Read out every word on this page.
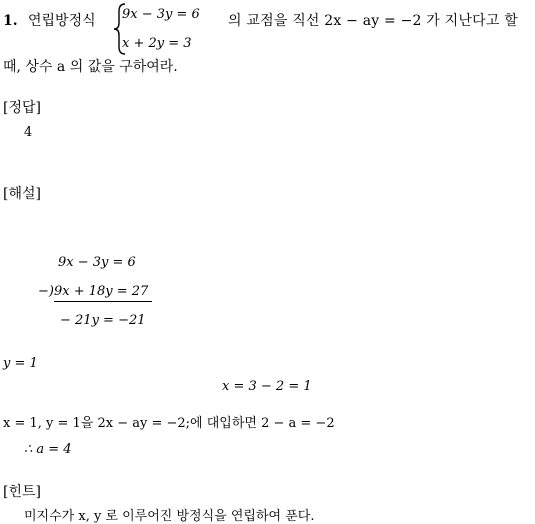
1. 연립방정식 9x − 3y = 6
x + 2y = 3
의 교점을 직선 2x − ay = −2 가 지난다고 할
때, 상수 a 의 값을 구하여라.
[정답]
4
[해설]
9x − 3y = 6
−)9x + 18y = 27
− 21y = −21
y = 1
x = 3 − 2 = 1
x = 1, y = 1을 2x − ay = −2;에 대입하면 2 − a = −2
∴ a = 4
[힌트]
미지수가 x, y 로 이루어진 방정식을 연립하여 푼다.
